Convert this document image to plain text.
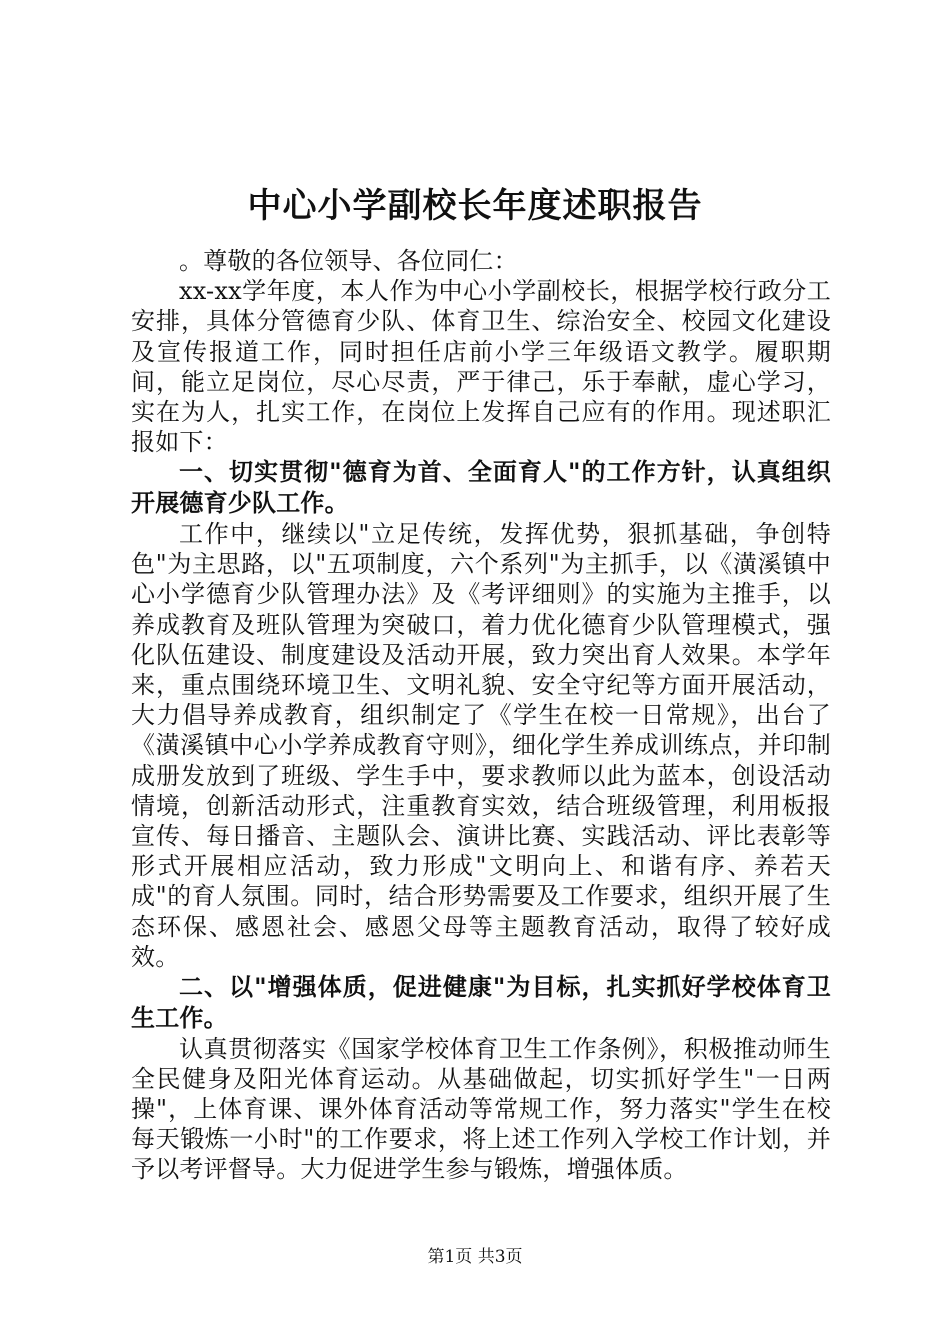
中心小学副校长年度述职报告

。尊敬的各位领导、各位同仁：

xx-xx学年度，本人作为中心小学副校长，根据学校行政分工安排，具体分管德育少队、体育卫生、综治安全、校园文化建设及宣传报道工作，同时担任店前小学三年级语文教学。履职期间，能立足岗位，尽心尽责，严于律己，乐于奉献，虚心学习，实在为人，扎实工作，在岗位上发挥自己应有的作用。现述职汇报如下：

一、切实贯彻"德育为首、全面育人"的工作方针，认真组织开展德育少队工作。

工作中，继续以"立足传统，发挥优势，狠抓基础，争创特色"为主思路，以"五项制度，六个系列"为主抓手，以《潢溪镇中心小学德育少队管理办法》及《考评细则》的实施为主推手，以养成教育及班队管理为突破口，着力优化德育少队管理模式，强化队伍建设、制度建设及活动开展，致力突出育人效果。本学年来，重点围绕环境卫生、文明礼貌、安全守纪等方面开展活动，大力倡导养成教育，组织制定了《学生在校一日常规》，出台了《潢溪镇中心小学养成教育守则》，细化学生养成训练点，并印制成册发放到了班级、学生手中，要求教师以此为蓝本，创设活动情境，创新活动形式，注重教育实效，结合班级管理，利用板报宣传、每日播音、主题队会、演讲比赛、实践活动、评比表彰等形式开展相应活动，致力形成"文明向上、和谐有序、养若天成"的育人氛围。同时，结合形势需要及工作要求，组织开展了生态环保、感恩社会、感恩父母等主题教育活动，取得了较好成效。

二、以"增强体质，促进健康"为目标，扎实抓好学校体育卫生工作。

认真贯彻落实《国家学校体育卫生工作条例》，积极推动师生全民健身及阳光体育运动。从基础做起，切实抓好学生"一日两操"，上体育课、课外体育活动等常规工作，努力落实"学生在校每天锻炼一小时"的工作要求，将上述工作列入学校工作计划，并予以考评督导。大力促进学生参与锻炼，增强体质。

第1页 共3页
